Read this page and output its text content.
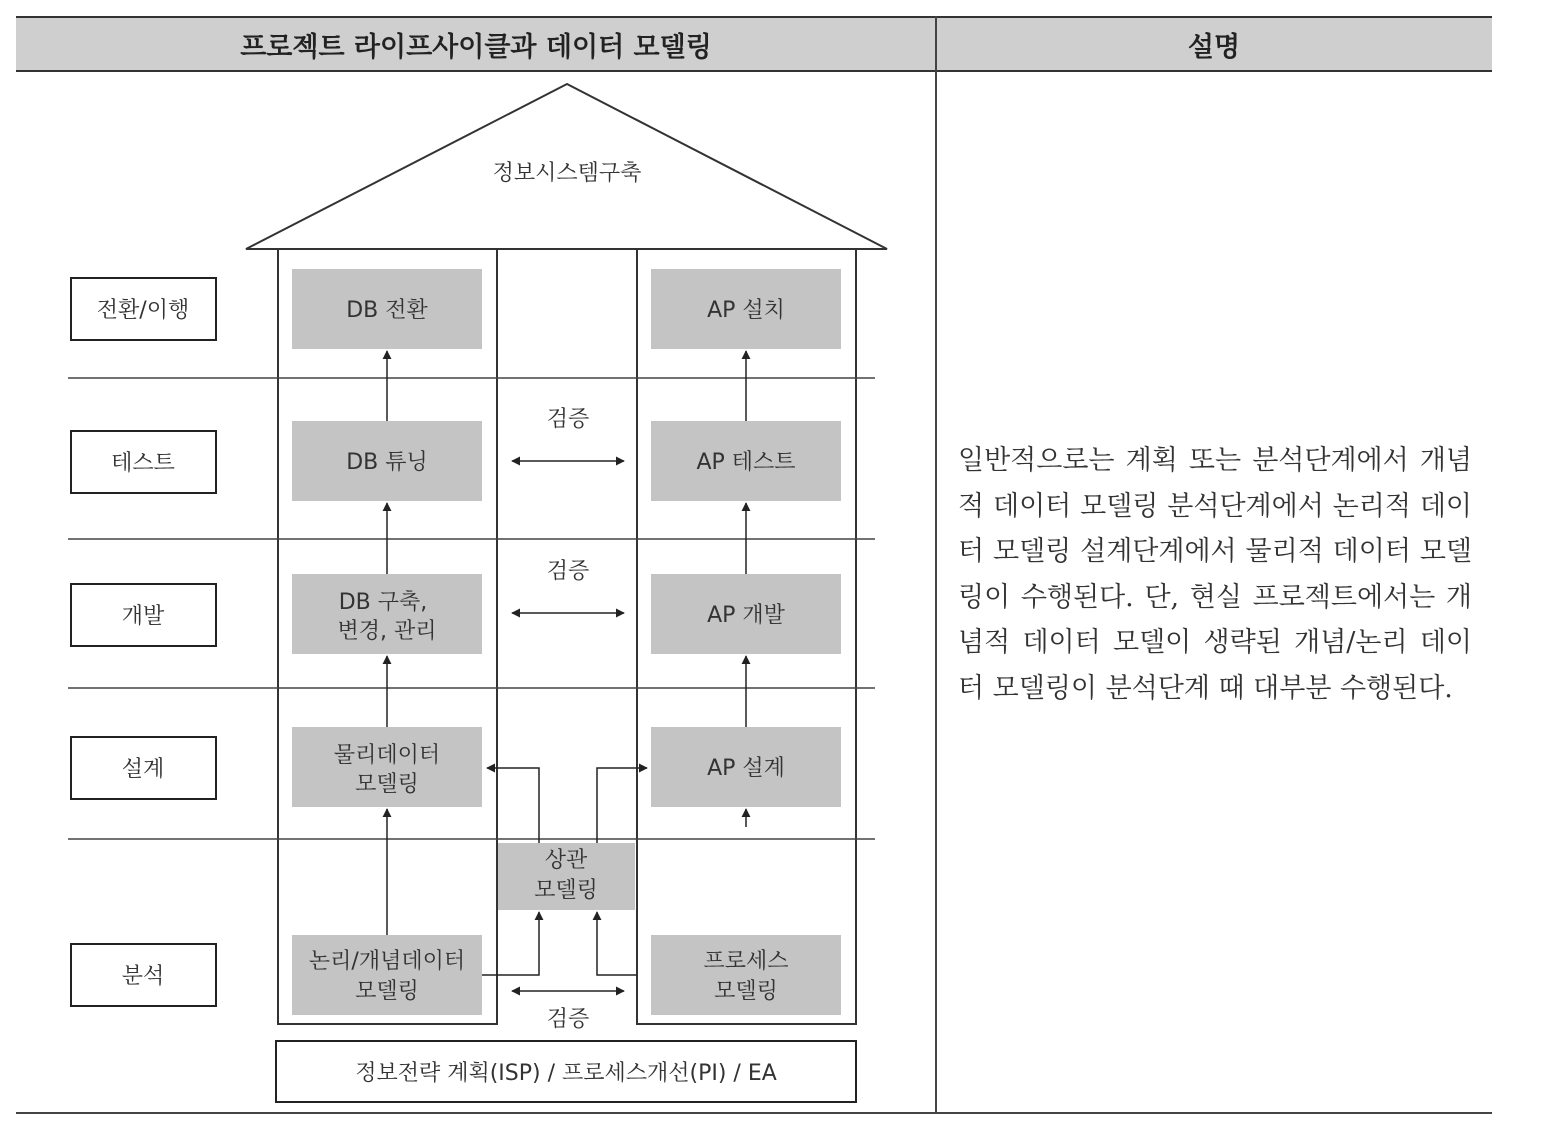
프로젝트 라이프사이클과 데이터 모델링	설명
정보시스템구축
전환/이행
테스트
개발
설계
분석
DB 전환
DB 튜닝
DB 구축,
변경, 관리
물리데이터
모델링
논리/개념데이터
모델링
AP 설치
AP 테스트
AP 개발
AP 설계
프로세스
모델링
상관
모델링
검증
검증
검증
정보전략 계획(ISP) / 프로세스개선(PI) / EA

일반적으로는 계획 또는 분석단계에서 개념적 데이터 모델링 분석단계에서 논리적 데이터 모델링 설계단계에서 물리적 데이터 모델링이 수행된다. 단, 현실 프로젝트에서는 개념적 데이터 모델이 생략된 개념/논리 데이터 모델링이 분석단계 때 대부분 수행된다.
